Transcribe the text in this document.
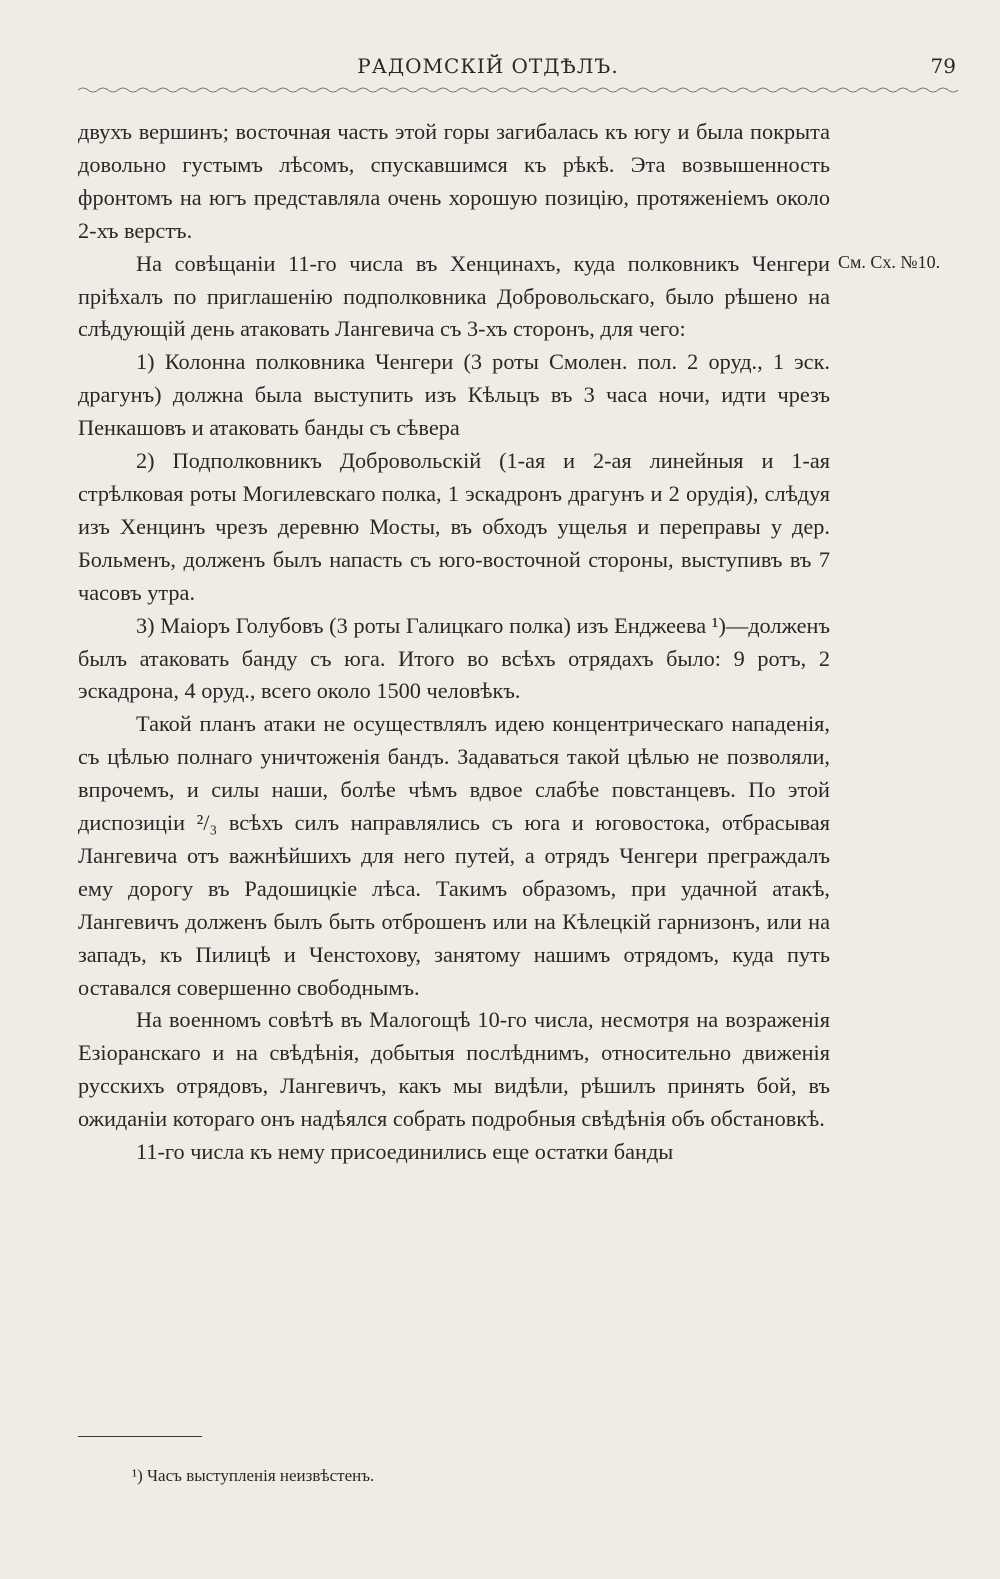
РАДОМСКІЙ ОТДѢЛЪ.	79
См. Сх. №10.

двухъ вершинъ; восточная часть этой горы загибалась къ югу и была покрыта довольно густымъ лѣсомъ, спускавшимся къ рѣкѣ. Эта возвышенность фронтомъ на югъ представляла очень хорошую позицію, протяженіемъ около 2-хъ верстъ.

На совѣщаніи 11-го числа въ Хенцинахъ, куда полковникъ Ченгери пріѣхалъ по приглашенію подполковника Добровольскаго, было рѣшено на слѣдующій день атаковать Лангевича съ 3-хъ сторонъ, для чего:

1) Колонна полковника Ченгери (3 роты Смолен. пол. 2 оруд., 1 эск. драгунъ) должна была выступить изъ Кѣльцъ въ 3 часа ночи, идти чрезъ Пенкашовъ и атаковать банды съ сѣвера

2) Подполковникъ Добровольскій (1-ая и 2-ая линейныя и 1-ая стрѣлковая роты Могилевскаго полка, 1 эскадронъ драгунъ и 2 орудія), слѣдуя изъ Хенцинъ чрезъ деревню Мосты, въ обходъ ущелья и переправы у дер. Больменъ, долженъ былъ напасть съ юго-восточной стороны, выступивъ въ 7 часовъ утра.

3) Маіоръ Голубовъ (3 роты Галицкаго полка) изъ Енджеева ¹)—долженъ былъ атаковать банду съ юга. Итого во всѣхъ отрядахъ было: 9 ротъ, 2 эскадрона, 4 оруд., всего около 1500 человѣкъ.

Такой планъ атаки не осуществлялъ идею концентрическаго нападенія, съ цѣлью полнаго уничтоженія бандъ. Задаваться такой цѣлью не позволяли, впрочемъ, и силы наши, болѣе чѣмъ вдвое слабѣе повстанцевъ. По этой диспозиціи ²/₃ всѣхъ силъ направлялись съ юга и юговостока, отбрасывая Лангевича отъ важнѣйшихъ для него путей, а отрядъ Ченгери преграждалъ ему дорогу въ Радошицкіе лѣса. Такимъ образомъ, при удачной атакѣ, Лангевичъ долженъ былъ быть отброшенъ или на Кѣлецкій гарнизонъ, или на западъ, къ Пилицѣ и Ченстохову, занятому нашимъ отрядомъ, куда путь оставался совершенно свободнымъ.

На военномъ совѣтѣ въ Малогощѣ 10-го числа, несмотря на возраженія Езіоранскаго и на свѣдѣнія, добытыя послѣднимъ, относительно движенія русскихъ отрядовъ, Лангевичъ, какъ мы видѣли, рѣшилъ принять бой, въ ожиданіи котораго онъ надѣялся собрать подробныя свѣдѣнія объ обстановкѣ.

11-го числа къ нему присоединились еще остатки банды

¹) Часъ выступленія неизвѣстенъ.
